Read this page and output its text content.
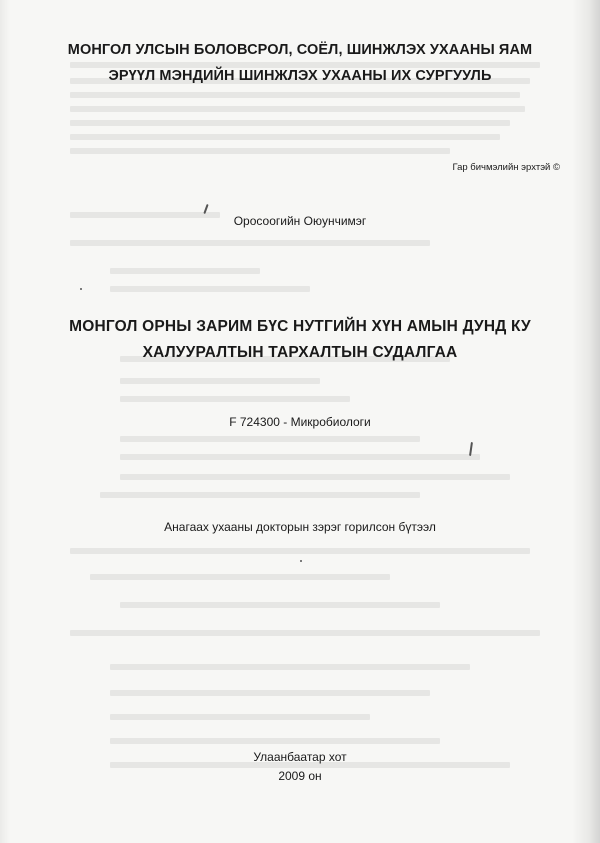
МОНГОЛ УЛСЫН БОЛОВСРОЛ, СОЁЛ, ШИНЖЛЭХ УХААНЫ ЯАМ
ЭРҮҮЛ МЭНДИЙН ШИНЖЛЭХ УХААНЫ ИХ СУРГУУЛЬ
Гар бичмэлийн эрхтэй ©
Оросоогийн Оюунчимэг
МОНГОЛ ОРНЫ ЗАРИМ БҮС НУТГИЙН ХҮН АМЫН ДУНД КУ
ХАЛУУРАЛТЫН ТАРХАЛТЫН СУДАЛГАА
F 724300 - Микробиологи
Анагаах ухааны докторын зэрэг горилсон бүтээл
Улаанбаатар хот
2009 он
